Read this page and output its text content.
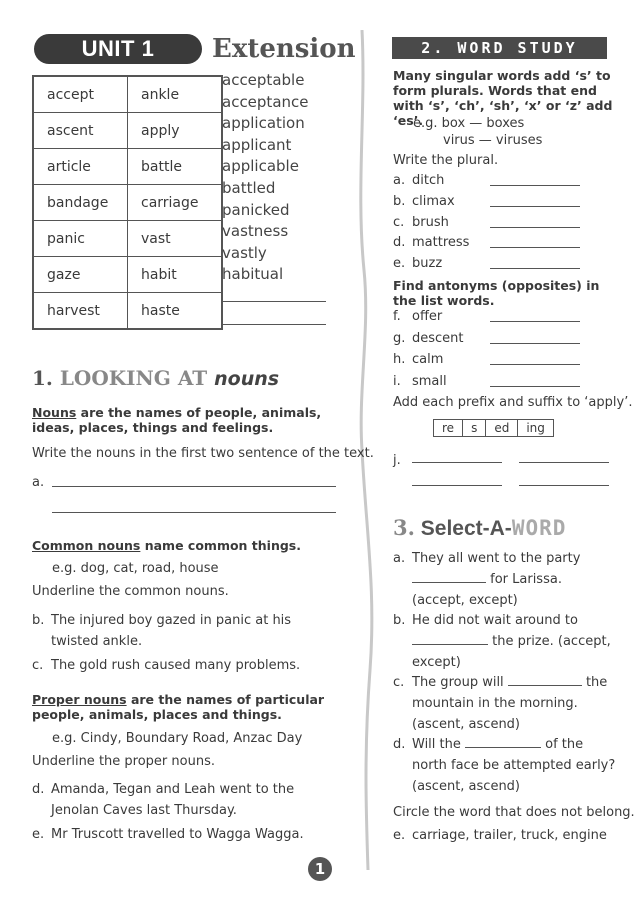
UNIT 1	Extension
accept	ankle
ascent	apply
article	battle
bandage	carriage
panic	vast
gaze	habit
harvest	haste
acceptable
acceptance
application
applicant
applicable
battled
panicked
vastness
vastly
habitual
1. LOOKING AT nouns
Nouns are the names of people, animals, ideas, places, things and feelings.
Write the nouns in the first two sentence of the text.
a.
Common nouns name common things.
e.g. dog, cat, road, house
Underline the common nouns.
b. The injured boy gazed in panic at his twisted ankle.
c. The gold rush caused many problems.
Proper nouns are the names of particular people, animals, places and things.
e.g. Cindy, Boundary Road, Anzac Day
Underline the proper nouns.
d. Amanda, Tegan and Leah went to the Jenolan Caves last Thursday.
e. Mr Truscott travelled to Wagga Wagga.
2. WORD STUDY
Many singular words add ‘s’ to form plurals. Words that end with ‘s’, ‘ch’, ‘sh’, ‘x’ or ‘z’ add ‘es’.
e.g. box — boxes
virus — viruses
Write the plural.
a. ditch
b. climax
c. brush
d. mattress
e. buzz
Find antonyms (opposites) in the list words.
f. offer
g. descent
h. calm
i. small
Add each prefix and suffix to ‘apply’.
re	s	ed	ing
j.
3. Select-A-WORD
a. They all went to the party
for Larissa.
(accept, except)
b. He did not wait around to
the prize. (accept,
except)
c. The group will	the
mountain in the morning.
(ascent, ascend)
d. Will the	of the
north face be attempted early?
(ascent, ascend)
Circle the word that does not belong.
e. carriage, trailer, truck, engine
1
